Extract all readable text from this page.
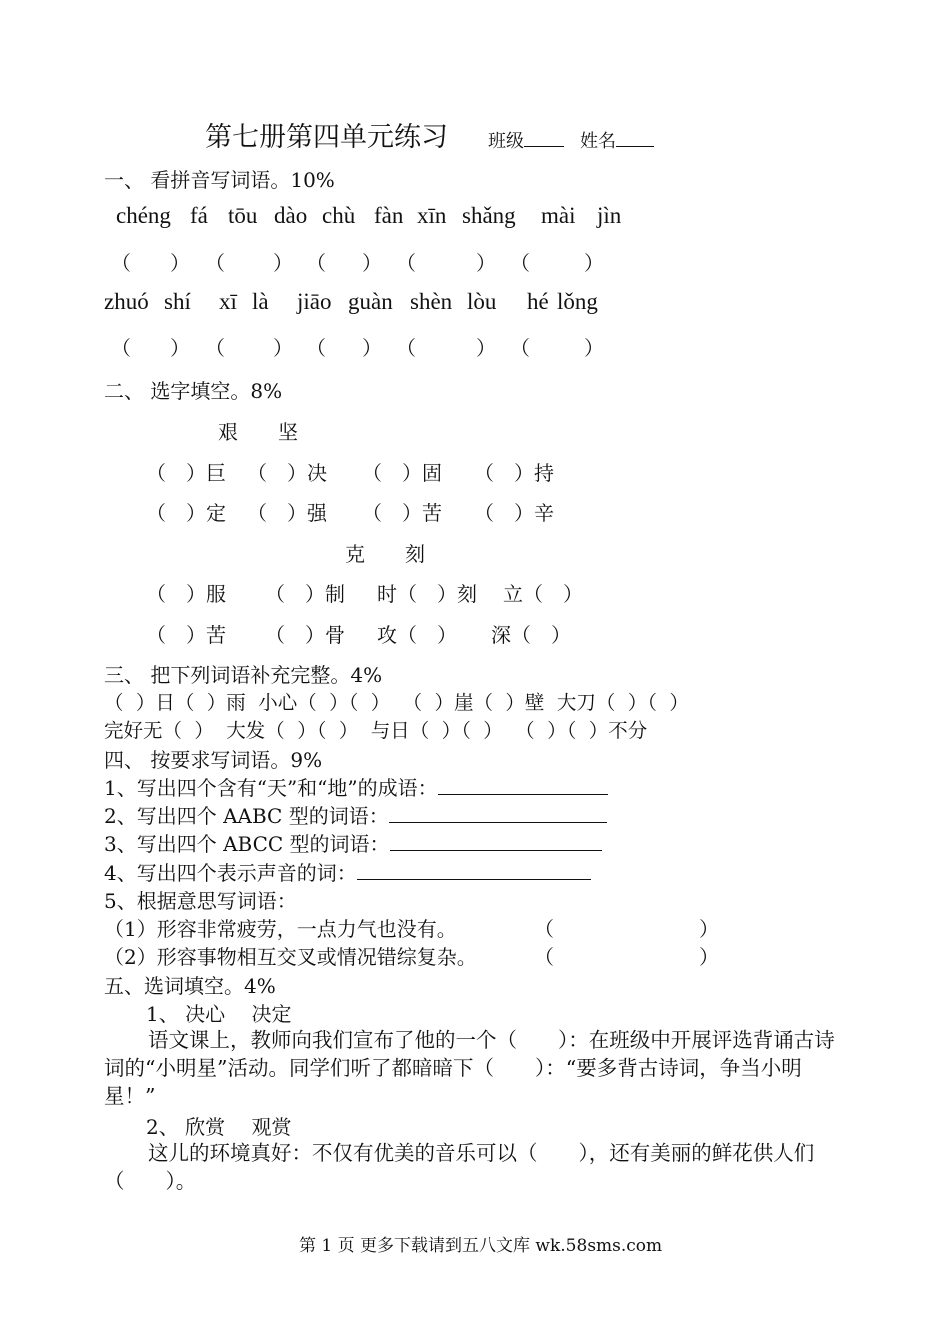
第七册第四单元练习 班级	姓名
一、 看拼音写词语。10%
chéng fá tōu dào chù fàn xīn shǎng mài jìn
（ ） （ ） （ ） （	） （	）
zhuó shí xī là jiāo guàn shèn lòu hé lǒng
（ ） （ ） （ ） （	） （	）
二、 选字填空。8%
艰　　坚
（　）巨 （　）决 （　）固 （　）持
（　）定 （　）强 （　）苦 （　）辛
克　　刻
（　）服 （　）制 时（　）刻 立（　）
（　）苦 （　）骨 攻（　） 深（　）
三、 把下列词语补充完整。4%
（  ）日（  ）雨  小心（  ）（  ）  （  ）崖（  ）壁  大刀（  ）（  ）
完好无（  ）  大发（  ）（  ）  与日（  ）（  ）  （  ）（  ）不分
四、 按要求写词语。9%
1、写出四个含有“天”和“地”的成语：
2、写出四个 AABC 型的词语：
3、写出四个 ABCC 型的词语：
4、写出四个表示声音的词：
5、根据意思写词语：
（1）形容非常疲劳，一点力气也没有。	（	）
（2）形容事物相互交叉或情况错综复杂。	（	）
五、选词填空。4%
1、 决心　 决定
语文课上，教师向我们宣布了他的一个（　　）：在班级中开展评选背诵古诗词的“小明星”活动。同学们听了都暗暗下（　　）：“要多背古诗词，争当小明星！”
2、 欣赏　 观赏
这儿的环境真好：不仅有优美的音乐可以（　　），还有美丽的鲜花供人们（　　）。
第 1 页 更多下载请到五八文库 wk.58sms.com
